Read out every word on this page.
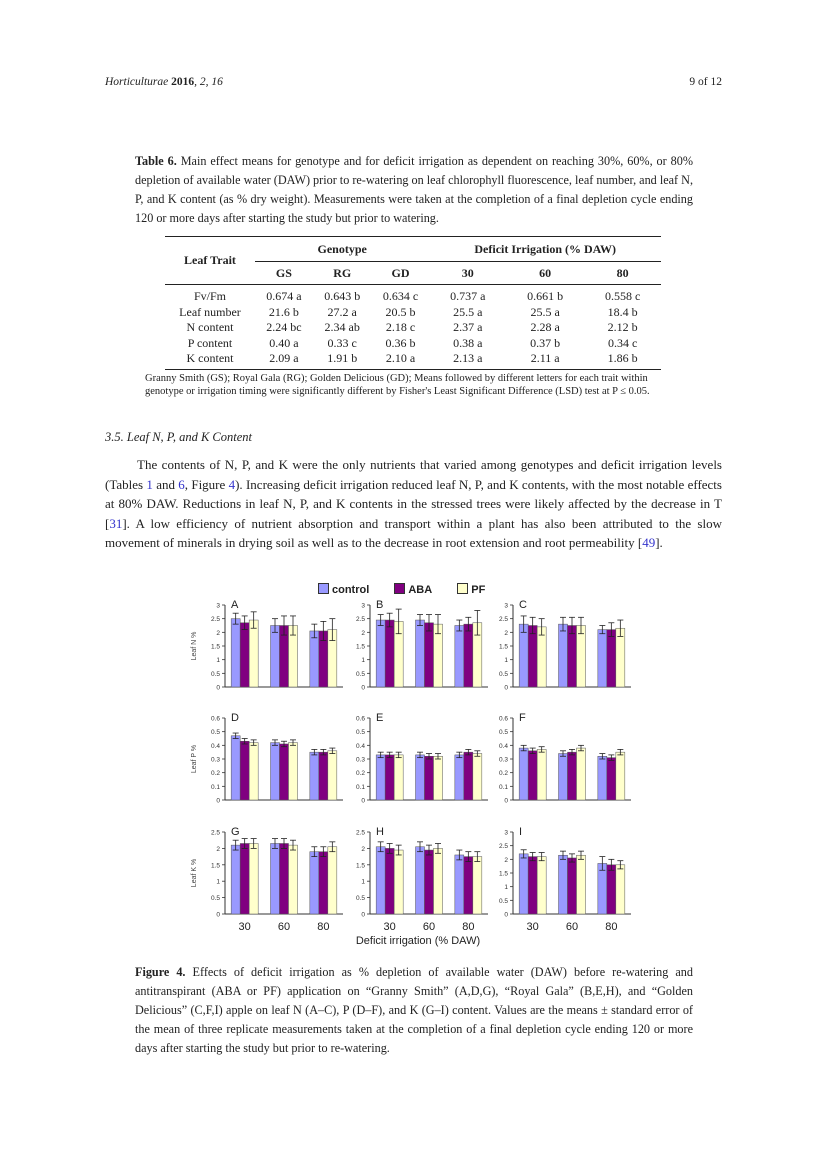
Horticulturae 2016, 2, 16	9 of 12
Table 6. Main effect means for genotype and for deficit irrigation as dependent on reaching 30%, 60%, or 80% depletion of available water (DAW) prior to re-watering on leaf chlorophyll fluorescence, leaf number, and leaf N, P, and K content (as % dry weight). Measurements were taken at the completion of a final depletion cycle ending 120 or more days after starting the study but prior to watering.
Leaf Trait	Genotype			Deficit Irrigation (% DAW)		
	GS	RG	GD	30	60	80
Fv/Fm	0.674 a	0.643 b	0.634 c	0.737 a	0.661 b	0.558 c
Leaf number	21.6 b	27.2 a	20.5 b	25.5 a	25.5 a	18.4 b
N content	2.24 bc	2.34 ab	2.18 c	2.37 a	2.28 a	2.12 b
P content	0.40 a	0.33 c	0.36 b	0.38 a	0.37 b	0.34 c
K content	2.09 a	1.91 b	2.10 a	2.13 a	2.11 a	1.86 b
Granny Smith (GS); Royal Gala (RG); Golden Delicious (GD); Means followed by different letters for each trait within genotype or irrigation timing were significantly different by Fisher's Least Significant Difference (LSD) test at P ≤ 0.05.
3.5. Leaf N, P, and K Content
The contents of N, P, and K were the only nutrients that varied among genotypes and deficit irrigation levels (Tables 1 and 6, Figure 4). Increasing deficit irrigation reduced leaf N, P, and K contents, with the most notable effects at 80% DAW. Reductions in leaf N, P, and K contents in the stressed trees were likely affected by the decrease in T [31]. A low efficiency of nutrient absorption and transport within a plant has also been attributed to the slow movement of minerals in drying soil as well as to the decrease in root extension and root permeability [49].
control	ABA	PF
0
0.5
1
1.5
2
2.5
3
Leaf N %
A
0
0.5
1
1.5
2
2.5
3 B
0
0.5
1
1.5
2
2.5
3 C
0
0.1
0.2
0.3
0.4
0.5
0.6
Leaf P %
D
0
0.1
0.2
0.3
0.4
0.5
0.6 E
0
0.1
0.2
0.3
0.4
0.5
0.6 F
0
0.5
1
1.5
2
2.5
Leaf K %
G
30 60 80
0
0.5
1
1.5
2
2.5 H
30 60 80
0
0.5
1
1.5
2
2.5
3 I
30 60 80
Deficit irrigation (% DAW)
Figure 4. Effects of deficit irrigation as % depletion of available water (DAW) before re-watering and antitranspirant (ABA or PF) application on “Granny Smith” (A,D,G), “Royal Gala” (B,E,H), and “Golden Delicious” (C,F,I) apple on leaf N (A–C), P (D–F), and K (G–I) content. Values are the means ± standard error of the mean of three replicate measurements taken at the completion of a final depletion cycle ending 120 or more days after starting the study but prior to re-watering.
